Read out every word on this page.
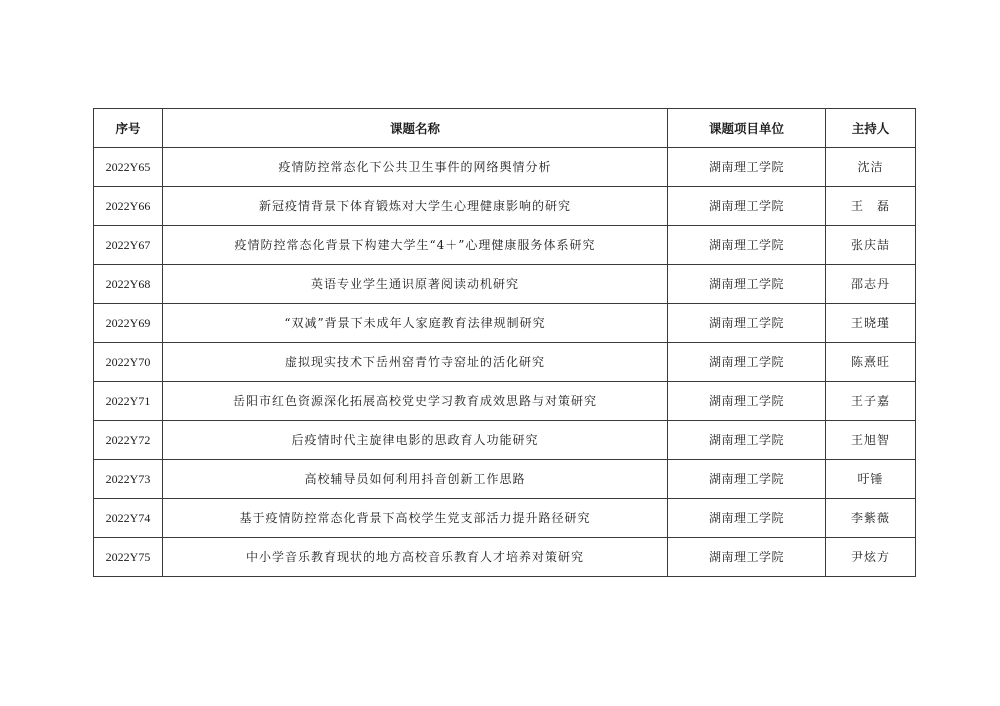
序号	课题名称	课题项目单位	主持人
2022Y65	疫情防控常态化下公共卫生事件的网络舆情分析	湖南理工学院	沈洁
2022Y66	新冠疫情背景下体育锻炼对大学生心理健康影响的研究	湖南理工学院	王　磊
2022Y67	疫情防控常态化背景下构建大学生“4＋”心理健康服务体系研究	湖南理工学院	张庆喆
2022Y68	英语专业学生通识原著阅读动机研究	湖南理工学院	邵志丹
2022Y69	“双减”背景下未成年人家庭教育法律规制研究	湖南理工学院	王晓瑾
2022Y70	虚拟现实技术下岳州窑青竹寺窑址的活化研究	湖南理工学院	陈熹旺
2022Y71	岳阳市红色资源深化拓展高校党史学习教育成效思路与对策研究	湖南理工学院	王子嘉
2022Y72	后疫情时代主旋律电影的思政育人功能研究	湖南理工学院	王旭智
2022Y73	高校辅导员如何利用抖音创新工作思路	湖南理工学院	吁锤
2022Y74	基于疫情防控常态化背景下高校学生党支部活力提升路径研究	湖南理工学院	李紫薇
2022Y75	中小学音乐教育现状的地方高校音乐教育人才培养对策研究	湖南理工学院	尹炫方
